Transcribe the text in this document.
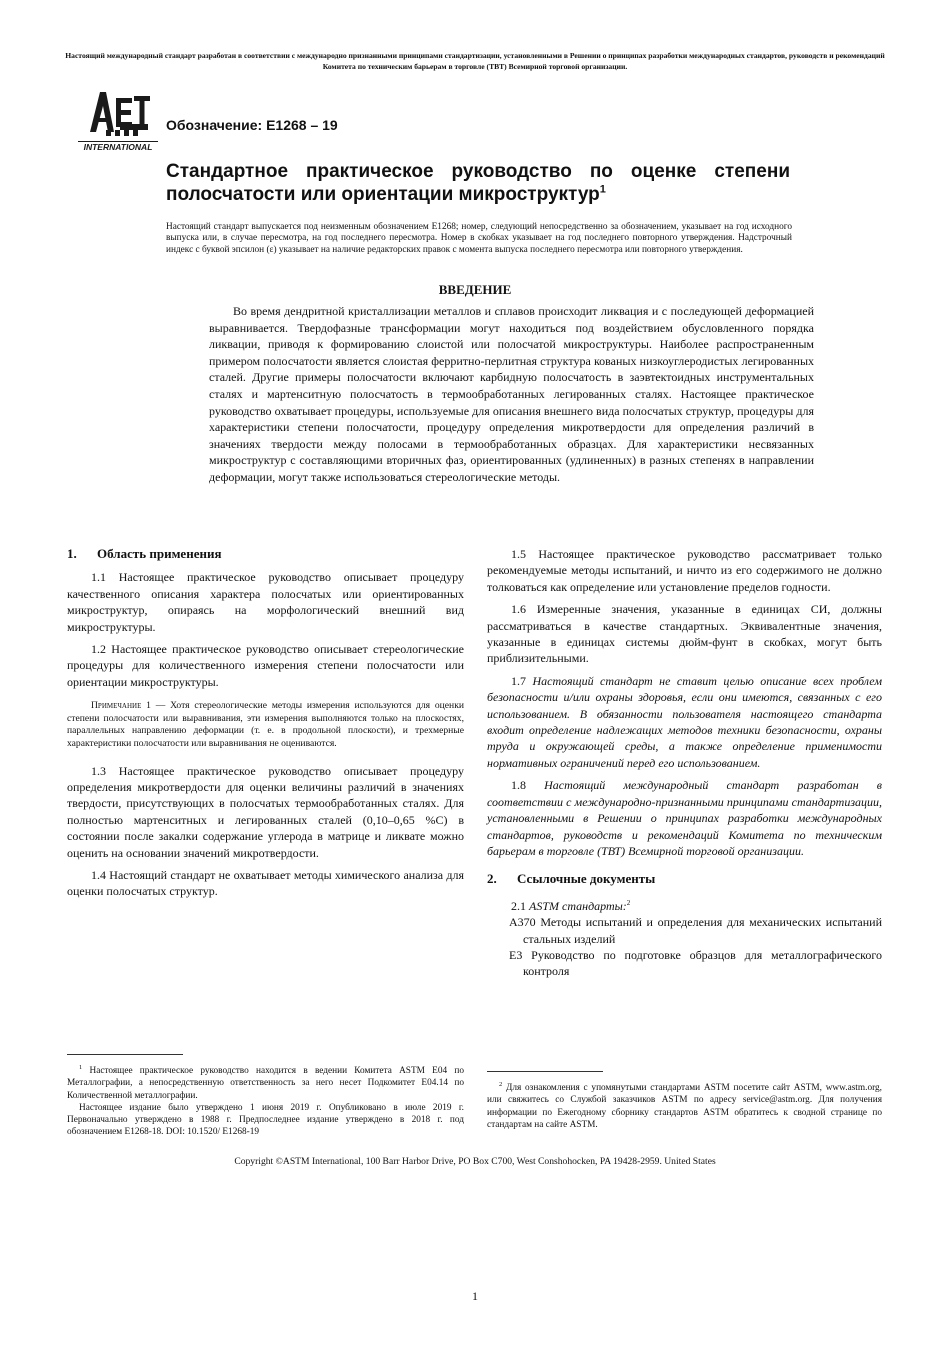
Настоящий международный стандарт разработан в соответствии с международно признанными принципами стандартизации, установленными в Решении о принципах разработки международных стандартов, руководств и рекомендаций Комитета по техническим барьерам в торговле (ТВТ) Всемирной торговой организации.
INTERNATIONAL
Обозначение: E1268 – 19
Стандартное практическое руководство по оценке степени полосчатости или ориентации микроструктур$^1$
Настоящий стандарт выпускается под неизменным обозначением E1268; номер, следующий непосредственно за обозначением, указывает на год исходного выпуска или, в случае пересмотра, на год последнего пересмотра. Номер в скобках указывает на год последнего повторного утверждения. Надстрочный индекс с буквой эпсилон (ε) указывает на наличие редакторских правок с момента выпуска последнего пересмотра или повторного утверждения.
ВВЕДЕНИЕ
Во время дендритной кристаллизации металлов и сплавов происходит ликвация и с последующей деформацией выравнивается. Твердофазные трансформации могут находиться под воздействием обусловленного порядка ликвации, приводя к формированию слоистой или полосчатой микроструктуры. Наиболее распространенным примером полосчатости является слоистая ферритно-перлитная структура кованых низкоуглеродистых легированных сталей. Другие примеры полосчатости включают карбидную полосчатость в заэвтектоидных инструментальных сталях и мартенситную полосчатость в термообработанных легированных сталях. Настоящее практическое руководство охватывает процедуры, используемые для описания внешнего вида полосчатых структур, процедуры для характеристики степени полосчатости, процедуру определения микротвердости для определения различий в значениях твердости между полосами в термообработанных образцах. Для характеристики несвязанных микроструктур с составляющими вторичных фаз, ориентированных (удлиненных) в разных степенях в направлении деформации, могут также использоваться стереологические методы.
1. Область применения

1.1 Настоящее практическое руководство описывает процедуру качественного описания характера полосчатых или ориентированных микроструктур, опираясь на морфологический внешний вид микроструктуры.

1.2 Настоящее практическое руководство описывает стереологические процедуры для количественного измерения степени полосчатости или ориентации микроструктуры.

Примечание 1 — Хотя стереологические методы измерения используются для оценки степени полосчатости или выравнивания, эти измерения выполняются только на плоскостях, параллельных направлению деформации (т. е. в продольной плоскости), и трехмерные характеристики полосчатости или выравнивания не оцениваются.

1.3 Настоящее практическое руководство описывает процедуру определения микротвердости для оценки величины различий в значениях твердости, присутствующих в полосчатых термообработанных сталях. Для полностью мартенситных и легированных сталей (0,10–0,65 %C) в состоянии после закалки содержание углерода в матрице и ликвате можно оценить на основании значений микротвердости.

1.4 Настоящий стандарт не охватывает методы химического анализа для оценки полосчатых структур.

1.5 Настоящее практическое руководство рассматривает только рекомендуемые методы испытаний, и ничто из его содержимого не должно толковаться как определение или установление пределов годности.

1.6 Измеренные значения, указанные в единицах СИ, должны рассматриваться в качестве стандартных. Эквивалентные значения, указанные в единицах системы дюйм-фунт в скобках, могут быть приблизительными.

1.7 Настоящий стандарт не ставит целью описание всех проблем безопасности и/или охраны здоровья, если они имеются, связанных с его использованием. В обязанности пользователя настоящего стандарта входит определение надлежащих методов техники безопасности, охраны труда и окружающей среды, а также определение применимости нормативных ограничений перед его использованием.

1.8 Настоящий международный стандарт разработан в соответствии с международно-признанными принципами стандартизации, установленными в Решении о принципах разработки международных стандартов, руководств и рекомендаций Комитета по техническим барьерам в торговле (ТВТ) Всемирной торговой организации.

2. Ссылочные документы

2.1 ASTM стандарты:$^2$

A370 Методы испытаний и определения для механических испытаний стальных изделий

E3 Руководство по подготовке образцов для металлографического контроля

$^1$ Настоящее практическое руководство находится в ведении Комитета ASTM E04 по Металлографии, а непосредственную ответственность за него несет Подкомитет E04.14 по Количественной металлографии.

Настоящее издание было утверждено 1 июня 2019 г. Опубликовано в июле 2019 г. Первоначально утверждено в 1988 г. Предпоследнее издание утверждено в 2018 г. под обозначением E1268-18. DOI: 10.1520/ E1268-19

$^2$ Для ознакомления с упомянутыми стандартами ASTM посетите сайт ASTM, www.astm.org, или свяжитесь со Службой заказчиков ASTM по адресу service@astm.org. Для получения информации по Ежегодному сборнику стандартов ASTM обратитесь к сводной странице по стандартам на сайте ASTM.

Copyright ©ASTM International, 100 Barr Harbor Drive, PO Box C700, West Conshohocken, PA 19428-2959. United States
1
